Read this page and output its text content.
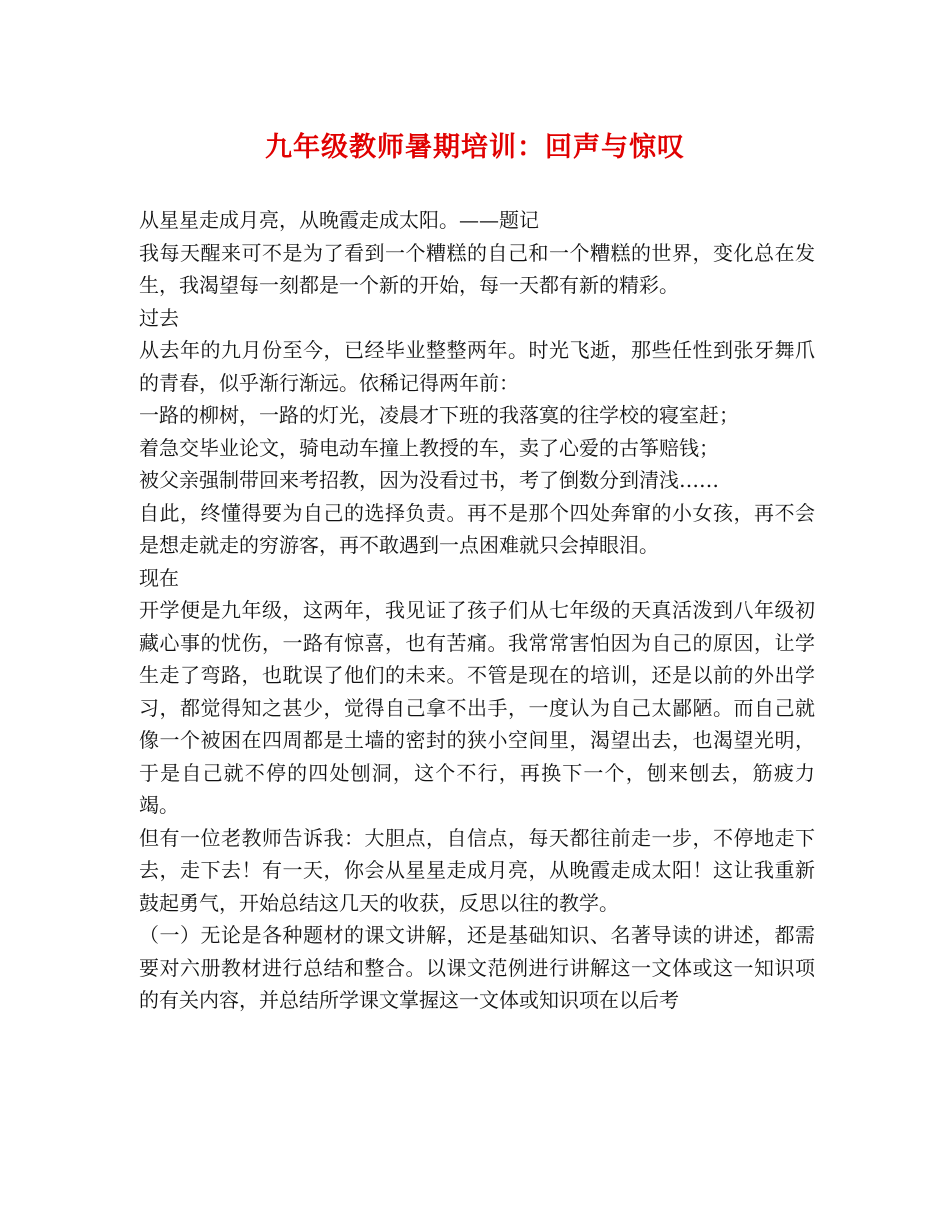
九年级教师暑期培训：回声与惊叹

从星星走成月亮，从晚霞走成太阳。——题记

我每天醒来可不是为了看到一个糟糕的自己和一个糟糕的世界，变化总在发生，我渴望每一刻都是一个新的开始，每一天都有新的精彩。

过去

从去年的九月份至今，已经毕业整整两年。时光飞逝，那些任性到张牙舞爪的青春，似乎渐行渐远。依稀记得两年前：

一路的柳树，一路的灯光，凌晨才下班的我落寞的往学校的寝室赶；

着急交毕业论文，骑电动车撞上教授的车，卖了心爱的古筝赔钱；

被父亲强制带回来考招教，因为没看过书，考了倒数分到清浅……

自此，终懂得要为自己的选择负责。再不是那个四处奔窜的小女孩，再不会是想走就走的穷游客，再不敢遇到一点困难就只会掉眼泪。

现在

开学便是九年级，这两年，我见证了孩子们从七年级的天真活泼到八年级初藏心事的忧伤，一路有惊喜，也有苦痛。我常常害怕因为自己的原因，让学生走了弯路，也耽误了他们的未来。不管是现在的培训，还是以前的外出学习，都觉得知之甚少，觉得自己拿不出手，一度认为自己太鄙陋。而自己就像一个被困在四周都是土墙的密封的狭小空间里，渴望出去，也渴望光明，于是自己就不停的四处刨洞，这个不行，再换下一个，刨来刨去，筋疲力竭。

但有一位老教师告诉我：大胆点，自信点，每天都往前走一步，不停地走下去，走下去！有一天，你会从星星走成月亮，从晚霞走成太阳！这让我重新鼓起勇气，开始总结这几天的收获，反思以往的教学。

（一）无论是各种题材的课文讲解，还是基础知识、名著导读的讲述，都需要对六册教材进行总结和整合。以课文范例进行讲解这一文体或这一知识项的有关内容，并总结所学课文掌握这一文体或知识项在以后考
